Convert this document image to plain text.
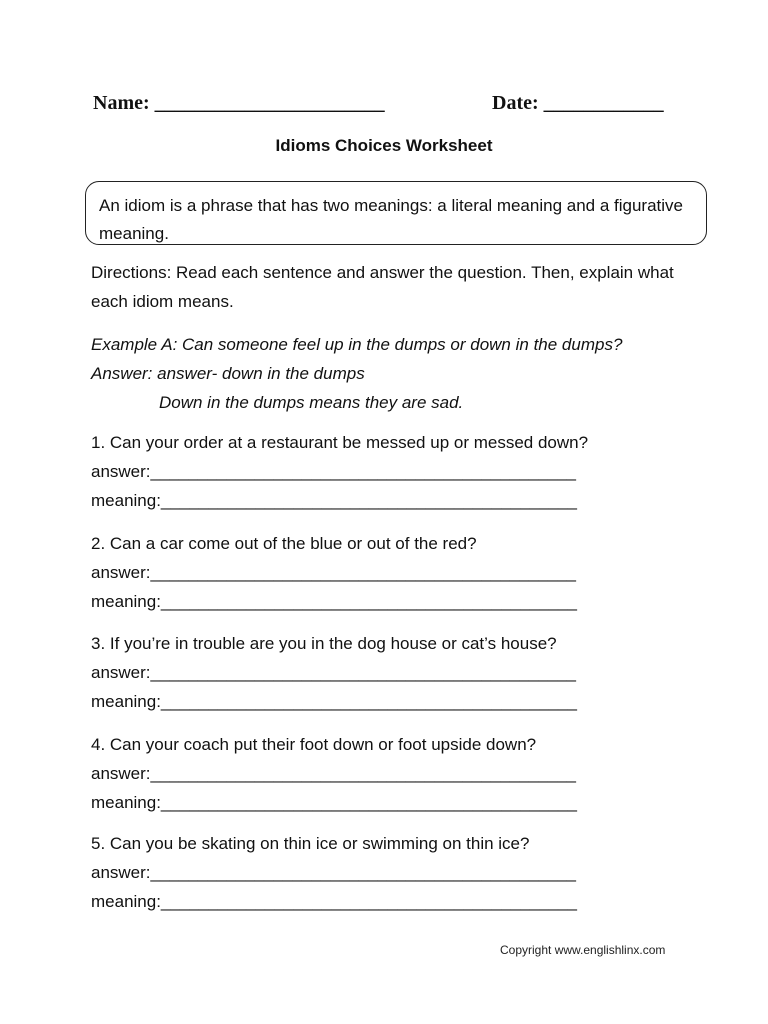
Name: _______________________	Date: ____________
Idioms Choices Worksheet
An idiom is a phrase that has two meanings: a literal meaning and a figurative meaning.
Directions: Read each sentence and answer the question. Then, explain what each idiom means.
Example A: Can someone feel up in the dumps or down in the dumps?
Answer: answer- down in the dumps
Down in the dumps means they are sad.
1. Can your order at a restaurant be messed up or messed down?
answer:_____________________________________________
meaning:____________________________________________
2. Can a car come out of the blue or out of the red?
answer:_____________________________________________
meaning:____________________________________________
3. If you’re in trouble are you in the dog house or cat’s house?
answer:_____________________________________________
meaning:____________________________________________
4. Can your coach put their foot down or foot upside down?
answer:_____________________________________________
meaning:____________________________________________
5. Can you be skating on thin ice or swimming on thin ice?
answer:_____________________________________________
meaning:____________________________________________
Copyright www.englishlinx.com
